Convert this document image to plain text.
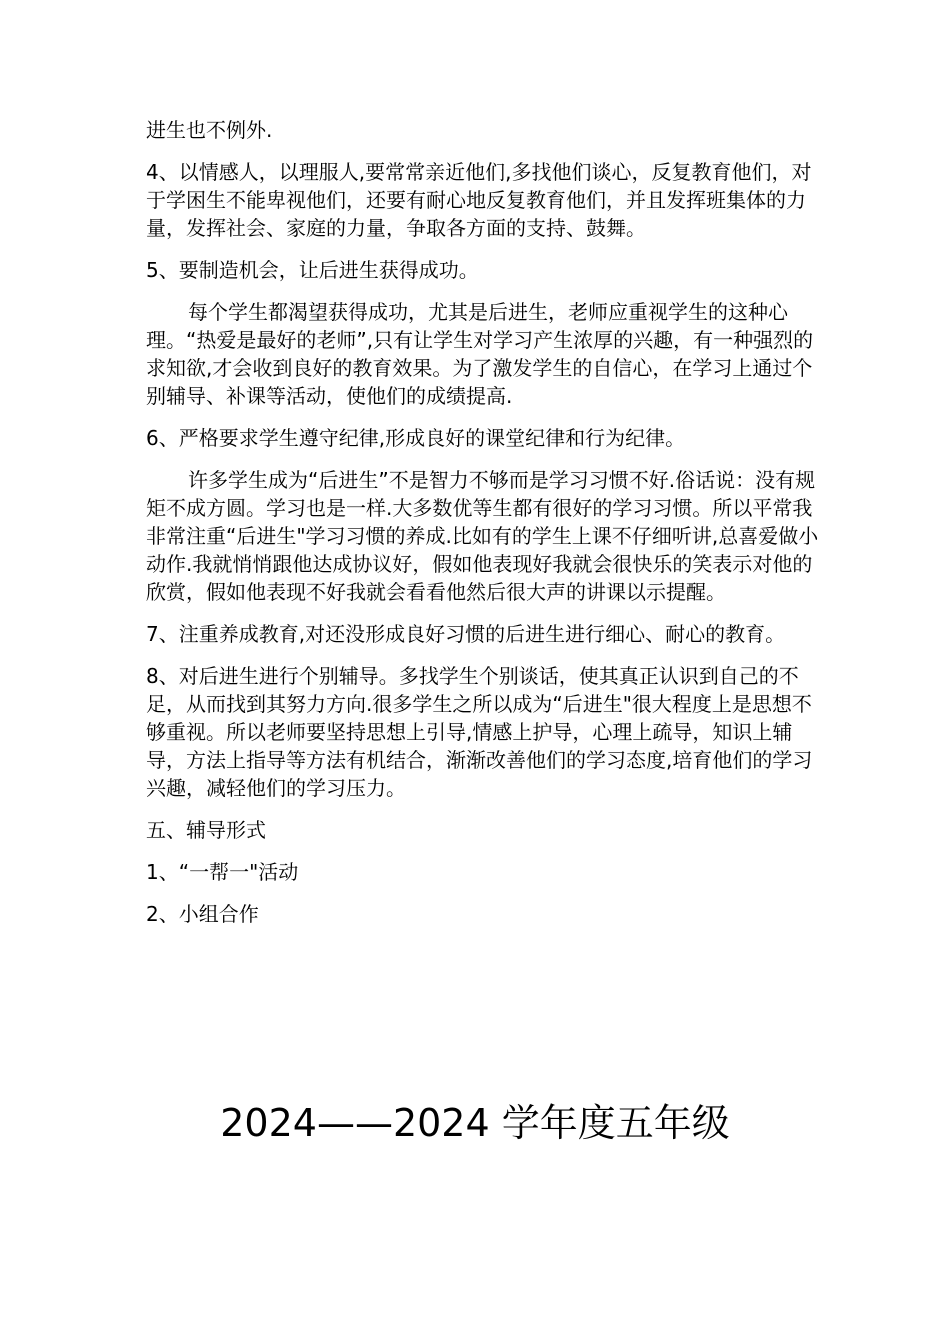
进生也不例外.

4、以情感人，以理服人,要常常亲近他们,多找他们谈心，反复教育他们，对于学困生不能卑视他们，还要有耐心地反复教育他们，并且发挥班集体的力量，发挥社会、家庭的力量，争取各方面的支持、鼓舞。

5、要制造机会，让后进生获得成功。

每个学生都渴望获得成功，尤其是后进生，老师应重视学生的这种心理。“热爱是最好的老师”,只有让学生对学习产生浓厚的兴趣，有一种强烈的求知欲,才会收到良好的教育效果。为了激发学生的自信心，在学习上通过个别辅导、补课等活动，使他们的成绩提高.

6、严格要求学生遵守纪律,形成良好的课堂纪律和行为纪律。

许多学生成为“后进生”不是智力不够而是学习习惯不好.俗话说：没有规矩不成方圆。学习也是一样.大多数优等生都有很好的学习习惯。所以平常我非常注重“后进生"学习习惯的养成.比如有的学生上课不仔细听讲,总喜爱做小动作.我就悄悄跟他达成协议好，假如他表现好我就会很快乐的笑表示对他的欣赏，假如他表现不好我就会看看他然后很大声的讲课以示提醒。

7、注重养成教育,对还没形成良好习惯的后进生进行细心、耐心的教育。

8、对后进生进行个别辅导。多找学生个别谈话，使其真正认识到自己的不足，从而找到其努力方向.很多学生之所以成为“后进生"很大程度上是思想不够重视。所以老师要坚持思想上引导,情感上护导，心理上疏导，知识上辅导，方法上指导等方法有机结合，渐渐改善他们的学习态度,培育他们的学习兴趣，减轻他们的学习压力。

五、辅导形式

1、“一帮一"活动

2、小组合作

2024——2024 学年度五年级
